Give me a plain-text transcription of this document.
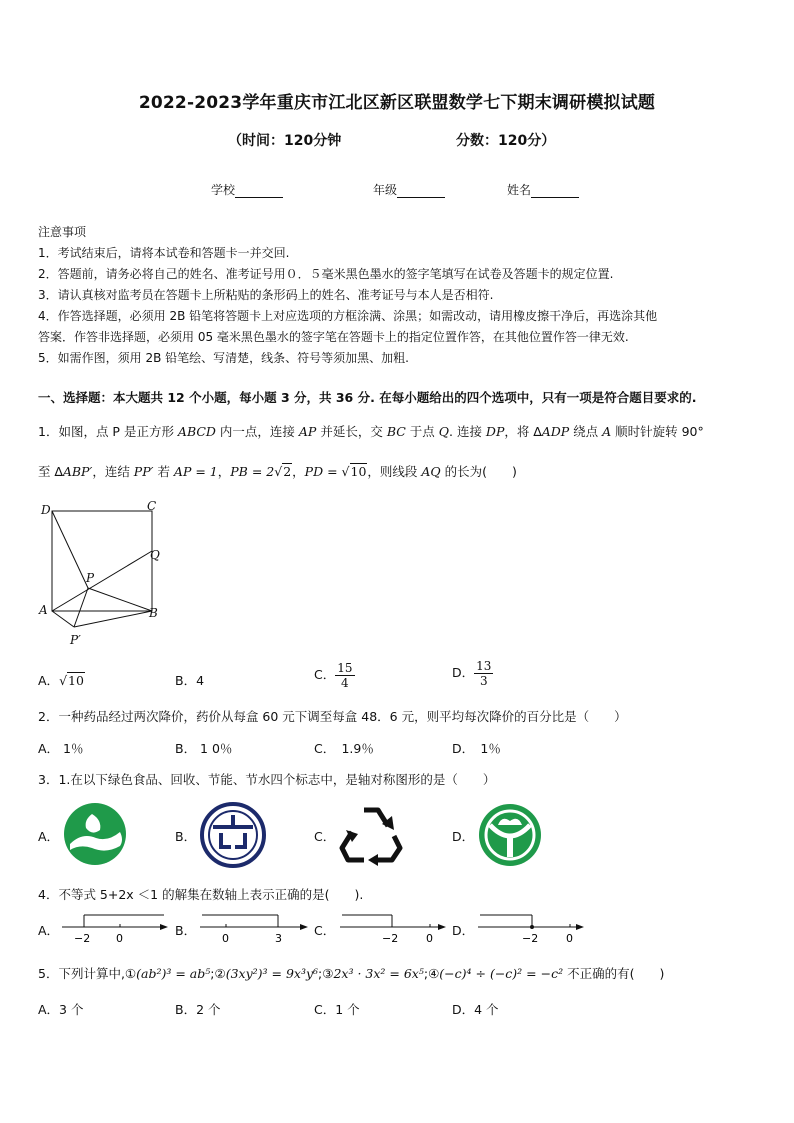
2022-2023学年重庆市江北区新区联盟数学七下期末调研模拟试题
（时间：120分钟	分数：120分）
学校	年级	姓名

注意事项

1．考试结束后，请将本试卷和答题卡一并交回.

2．答题前，请务必将自己的姓名、准考证号用０．５毫米黑色墨水的签字笔填写在试卷及答题卡的规定位置.

3．请认真核对监考员在答题卡上所粘贴的条形码上的姓名、准考证号与本人是否相符.

4．作答选择题，必须用 2B 铅笔将答题卡上对应选项的方框涂满、涂黑；如需改动，请用橡皮擦干净后，再选涂其他

答案．作答非选择题，必须用 05 毫米黑色墨水的签字笔在答题卡上的指定位置作答，在其他位置作答一律无效.

5．如需作图，须用 2B 铅笔绘、写清楚，线条、符号等须加黑、加粗.

一、选择题：本大题共 12 个小题，每小题 3 分，共 36 分. 在每小题给出的四个选项中，只有一项是符合题目要求的.
1．如图，点 P 是正方形 ABCD 内一点，连接 AP 并延长，交 BC 于点 Q. 连接 DP，将 ∆ADP 绕点 A 顺时针旋转 90°
至 ∆ABP′，连结 PP′ 若 AP = 1，PB = 2√2，PD = √10，则线段 AQ 的长为(　　)
D	C
Q
P
A	B
P′
A．√10	B．4	C． $\frac{15}{4}$	D． $\frac{13}{3}$
2．一种药品经过两次降价，药价从每盒 60 元下调至每盒 48．6 元，则平均每次降价的百分比是（　　）
A． 1％	B． 1 0％	C．　1.9％	D．　1％
3．1.在以下绿色食品、回收、节能、节水四个标志中，是轴对称图形的是（　　）
A．	B．	C．	D．
4．不等式 5+2x ＜1 的解集在数轴上表示正确的是(　　).
A．
−2 0
B．
0	3
C．
−2	0
D．
−2	0
5．下列计算中,①(ab²)³ = ab⁵;②(3xy²)³ = 9x³y⁶;③2x³ · 3x² = 6x⁵;④(−c)⁴ ÷ (−c)² = −c² 不正确的有(　　)
A．3 个	B．2 个	C．1 个	D．4 个
